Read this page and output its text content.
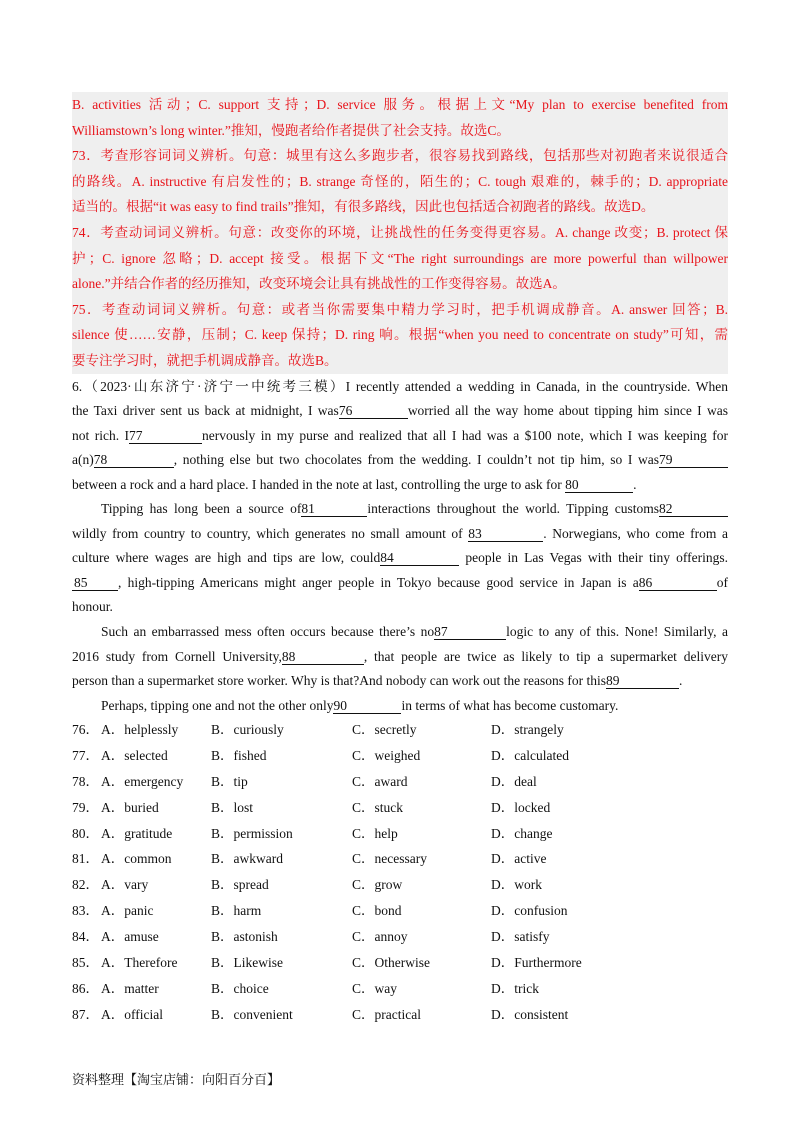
B. activities 活动；C. support 支持；D. service 服务。根据上文“My plan to exercise benefited from
Williamstown’s long winter.”推知，慢跑者给作者提供了社会支持。故选C。
73．考查形容词词义辨析。句意：城里有这么多跑步者，很容易找到路线，包括那些对初跑者来说很适合
的路线。A. instructive 有启发性的；B. strange 奇怪的，陌生的；C. tough 艰难的，棘手的；D. appropriate
适当的。根据“it was easy to find trails”推知，有很多路线，因此也包括适合初跑者的路线。故选D。
74．考查动词词义辨析。句意：改变你的环境，让挑战性的任务变得更容易。A. change 改变；B. protect 保
护；C. ignore 忽略；D. accept 接受。根据下文“The right surroundings are more powerful than willpower
alone.”并结合作者的经历推知，改变环境会让具有挑战性的工作变得容易。故选A。
75．考查动词词义辨析。句意：或者当你需要集中精力学习时，把手机调成静音。A. answer 回答；B.
silence 使……安静，压制；C. keep 保持；D. ring 响。根据“when you need to concentrate on study”可知，需
要专注学习时，就把手机调成静音。故选B。
6.（2023·山东济宁·济宁一中统考三模）I recently attended a wedding in Canada, in the countryside. When
the Taxi driver sent us back at midnight, I was76	worried all the way home about tipping him since I was
not rich. I77	nervously in my purse and realized that all I had was a $100 note, which I was keeping for
a(n)78	, nothing else but two chocolates from the wedding. I couldn’t not tip him, so I was79
between a rock and a hard place. I handed in the note at last, controlling the urge to ask for 80	.
Tipping has long been a source of81	interactions throughout the world. Tipping customs82
wildly from country to country, which generates no small amount of 83	. Norwegians, who come from a
culture where wages are high and tips are low, could84	people in Las Vegas with their tiny offerings.
85 , high-tipping Americans might anger people in Tokyo because good service in Japan is a86	of
honour.
Such an embarrassed mess often occurs because there’s no87	logic to any of this. None! Similarly, a
2016 study from Cornell University,88	, that people are twice as likely to tip a supermarket delivery
person than a supermarket store worker. Why is that?And nobody can work out the reasons for this89	.
Perhaps, tipping one and not the other only90	in terms of what has become customary.
76． A．helplessly	B．curiously	C．secretly	D．strangely
77． A．selected	B．fished	C．weighed	D．calculated
78． A．emergency	B．tip	C．award	D．deal
79． A．buried	B．lost	C．stuck	D．locked
80． A．gratitude	B．permission	C．help	D．change
81． A．common	B．awkward	C．necessary	D．active
82． A．vary	B．spread	C．grow	D．work
83． A．panic	B．harm	C．bond	D．confusion
84． A．amuse	B．astonish	C．annoy	D．satisfy
85． A．Therefore	B．Likewise	C．Otherwise	D．Furthermore
86． A．matter	B．choice	C．way	D．trick
87． A．official	B．convenient	C．practical	D．consistent
资料整理【淘宝店铺：向阳百分百】
